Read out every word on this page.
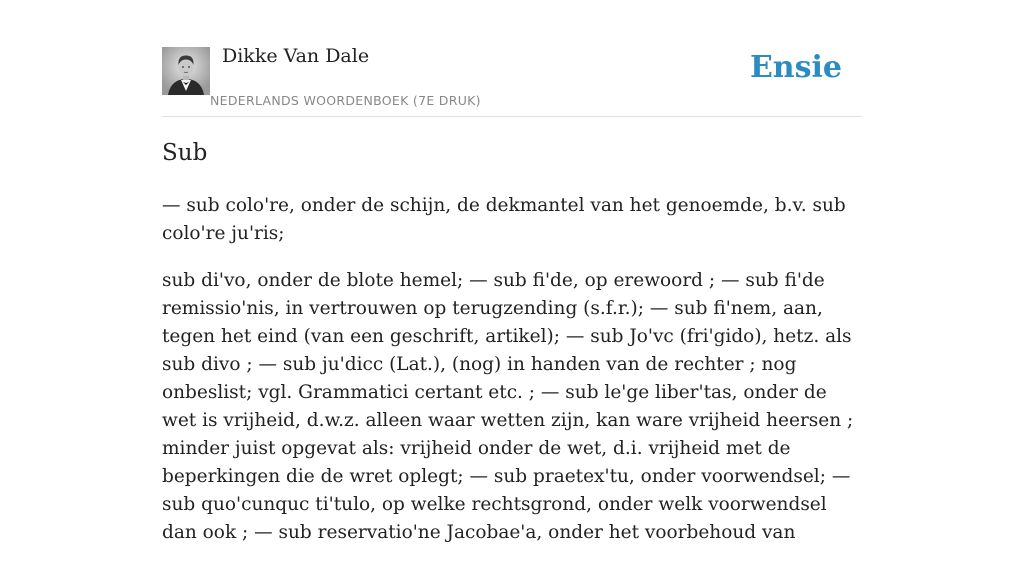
Dikke Van Dale
NEDERLANDS WOORDENBOEK (7E DRUK)
Ensie
Sub

— sub colo're, onder de schijn, de dekmantel van het genoemde, b.v. sub colo're ju'ris;

sub di'vo, onder de blote hemel; — sub fi'de, op erewoord ; — sub fi'de remissio'nis, in vertrouwen op terugzending (s.f.r.); — sub fi'nem, aan, tegen het eind (van een geschrift, artikel); — sub Jo'vc (fri'gido), hetz. als sub divo ; — sub ju'dicc (Lat.), (nog) in handen van de rechter ; nog onbeslist; vgl. Grammatici certant etc. ; — sub le'ge liber'tas, onder de wet is vrijheid, d.w.z. alleen waar wetten zijn, kan ware vrijheid heersen ; minder juist opgevat als: vrijheid onder de wet, d.i. vrijheid met de beperkingen die de wret oplegt; — sub praetex'tu, onder voorwendsel; — sub quo'cunquc ti'tulo, op welke rechtsgrond, onder welk voorwendsel dan ook ; — sub reservatio'ne Jacobae'a, onder het voorbehoud van
